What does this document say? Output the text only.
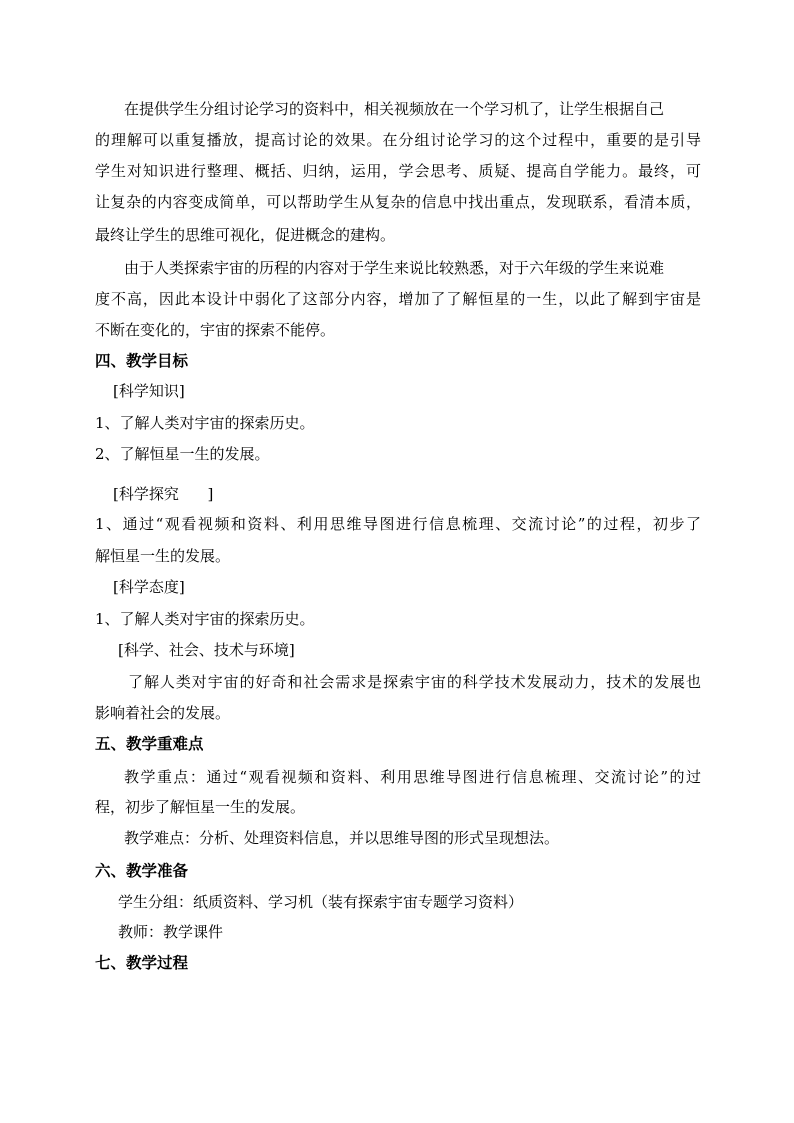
在提供学生分组讨论学习的资料中，相关视频放在一个学习机了，让学生根据自己
的理解可以重复播放，提高讨论的效果。在分组讨论学习的这个过程中，重要的是引导
学生对知识进行整理、概括、归纳，运用，学会思考、质疑、提高自学能力。最终，可
让复杂的内容变成简单，可以帮助学生从复杂的信息中找出重点，发现联系，看清本质，
最终让学生的思维可视化，促进概念的建构。
由于人类探索宇宙的历程的内容对于学生来说比较熟悉，对于六年级的学生来说难
度不高，因此本设计中弱化了这部分内容，增加了了解恒星的一生，以此了解到宇宙是
不断在变化的，宇宙的探索不能停。
四、教学目标
[科学知识]
1、了解人类对宇宙的探索历史。
2、了解恒星一生的发展。
[科学探究      ]
1、通过“观看视频和资料、利用思维导图进行信息梳理、交流讨论”的过程，初步了
解恒星一生的发展。
[科学态度]
1、了解人类对宇宙的探索历史。
[科学、社会、技术与环境]
了解人类对宇宙的好奇和社会需求是探索宇宙的科学技术发展动力，技术的发展也
影响着社会的发展。
五、教学重难点
教学重点：通过“观看视频和资料、利用思维导图进行信息梳理、交流讨论”的过
程，初步了解恒星一生的发展。
教学难点：分析、处理资料信息，并以思维导图的形式呈现想法。
六、教学准备
学生分组：纸质资料、学习机（装有探索宇宙专题学习资料）
教师：教学课件
七、教学过程
